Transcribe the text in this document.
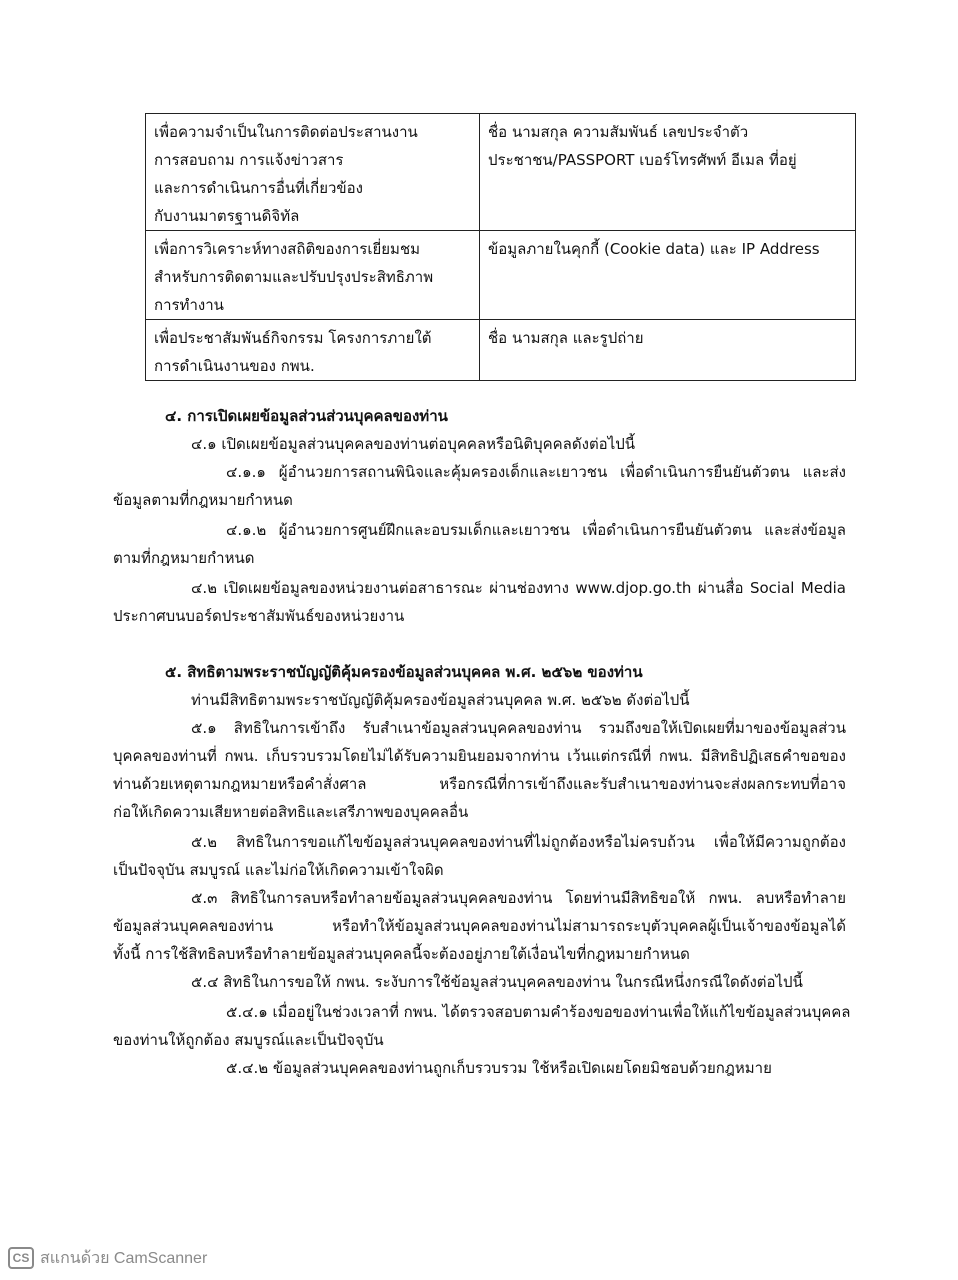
เพื่อความจำเป็นในการติดต่อประสานงาน
การสอบถาม การแจ้งข่าวสาร
และการดำเนินการอื่นที่เกี่ยวข้อง
กับงานมาตรฐานดิจิทัล	ชื่อ นามสกุล ความสัมพันธ์ เลขประจำตัว
ประชาชน/PASSPORT เบอร์โทรศัพท์ อีเมล ที่อยู่

เพื่อการวิเคราะห์ทางสถิติของการเยี่ยมชม
สำหรับการติดตามและปรับปรุงประสิทธิภาพ
การทำงาน	ข้อมูลภายในคุกกี้ (Cookie data) และ IP Address

เพื่อประชาสัมพันธ์กิจกรรม โครงการภายใต้
การดำเนินงานของ กพน.	ชื่อ นามสกุล และรูปถ่าย
๔. การเปิดเผยข้อมูลส่วนส่วนบุคคลของท่าน
๔.๑ เปิดเผยข้อมูลส่วนบุคคลของท่านต่อบุคคลหรือนิติบุคคลดังต่อไปนี้
๔.๑.๑ ผู้อำนวยการสถานพินิจและคุ้มครองเด็กและเยาวชน เพื่อดำเนินการยืนยันตัวตน และส่ง
ข้อมูลตามที่กฎหมายกำหนด
๔.๑.๒ ผู้อำนวยการศูนย์ฝึกและอบรมเด็กและเยาวชน เพื่อดำเนินการยืนยันตัวตน และส่งข้อมูล
ตามที่กฎหมายกำหนด
๔.๒ เปิดเผยข้อมูลของหน่วยงานต่อสาธารณะ ผ่านช่องทาง www.djop.go.th ผ่านสื่อ Social Media
ประกาศบนบอร์ดประชาสัมพันธ์ของหน่วยงาน
๕. สิทธิตามพระราชบัญญัติคุ้มครองข้อมูลส่วนบุคคล พ.ศ. ๒๕๖๒ ของท่าน
ท่านมีสิทธิตามพระราชบัญญัติคุ้มครองข้อมูลส่วนบุคคล พ.ศ. ๒๕๖๒ ดังต่อไปนี้
๕.๑ สิทธิในการเข้าถึง รับสำเนาข้อมูลส่วนบุคคลของท่าน รวมถึงขอให้เปิดเผยที่มาของข้อมูลส่วน
บุคคลของท่านที่ กพน. เก็บรวบรวมโดยไม่ได้รับความยินยอมจากท่าน เว้นแต่กรณีที่ กพน. มีสิทธิปฏิเสธคำขอของ
ท่านด้วยเหตุตามกฎหมายหรือคำสั่งศาล หรือกรณีที่การเข้าถึงและรับสำเนาของท่านจะส่งผลกระทบที่อาจ
ก่อให้เกิดความเสียหายต่อสิทธิและเสรีภาพของบุคคลอื่น
๕.๒ สิทธิในการขอแก้ไขข้อมูลส่วนบุคคลของท่านที่ไม่ถูกต้องหรือไม่ครบถ้วน เพื่อให้มีความถูกต้อง
เป็นปัจจุบัน สมบูรณ์ และไม่ก่อให้เกิดความเข้าใจผิด
๕.๓ สิทธิในการลบหรือทำลายข้อมูลส่วนบุคคลของท่าน โดยท่านมีสิทธิขอให้ กพน. ลบหรือทำลาย
ข้อมูลส่วนบุคคลของท่าน หรือทำให้ข้อมูลส่วนบุคคลของท่านไม่สามารถระบุตัวบุคคลผู้เป็นเจ้าของข้อมูลได้
ทั้งนี้ การใช้สิทธิลบหรือทำลายข้อมูลส่วนบุคคลนี้จะต้องอยู่ภายใต้เงื่อนไขที่กฎหมายกำหนด
๕.๔ สิทธิในการขอให้ กพน. ระงับการใช้ข้อมูลส่วนบุคคลของท่าน ในกรณีหนึ่งกรณีใดดังต่อไปนี้
๕.๔.๑ เมื่ออยู่ในช่วงเวลาที่ กพน. ได้ตรวจสอบตามคำร้องขอของท่านเพื่อให้แก้ไขข้อมูลส่วนบุคคล
ของท่านให้ถูกต้อง สมบูรณ์และเป็นปัจจุบัน
๕.๔.๒ ข้อมูลส่วนบุคคลของท่านถูกเก็บรวบรวม ใช้หรือเปิดเผยโดยมิชอบด้วยกฎหมาย
CS สแกนด้วย CamScanner
